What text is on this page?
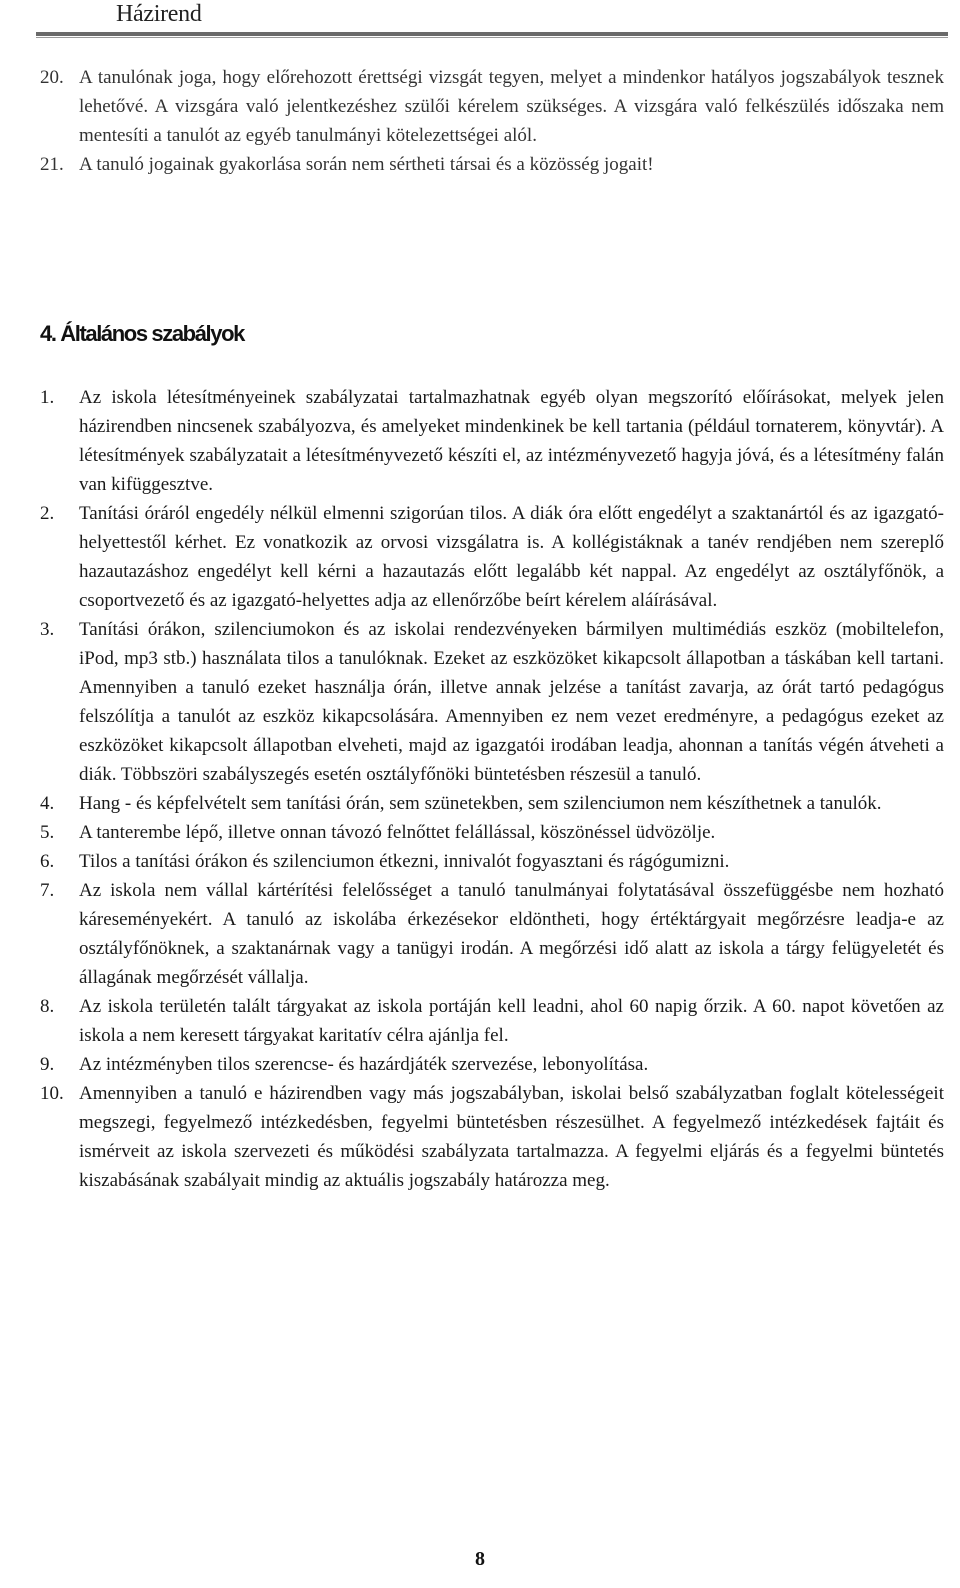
Házirend
20. A tanulónak joga, hogy előrehozott érettségi vizsgát tegyen, melyet a mindenkor hatályos jogszabályok tesznek lehetővé. A vizsgára való jelentkezéshez szülői kérelem szükséges. A vizsgára való felkészülés időszaka nem mentesíti a tanulót az egyéb tanulmányi kötelezettségei alól.
21. A tanuló jogainak gyakorlása során nem sértheti társai és a közösség jogait!
4. Általános szabályok
1. Az iskola létesítményeinek szabályzatai tartalmazhatnak egyéb olyan megszorító előírásokat, melyek jelen házirendben nincsenek szabályozva, és amelyeket mindenkinek be kell tartania (például tornaterem, könyvtár). A létesítmények szabályzatait a létesítményvezető készíti el, az intézményvezető hagyja jóvá, és a létesítmény falán van kifüggesztve.
2. Tanítási óráról engedély nélkül elmenni szigorúan tilos. A diák óra előtt engedélyt a szaktanártól és az igazgató-helyettestől kérhet. Ez vonatkozik az orvosi vizsgálatra is. A kollégistáknak a tanév rendjében nem szereplő hazautazáshoz engedélyt kell kérni a hazautazás előtt legalább két nappal. Az engedélyt az osztályfőnök, a csoportvezető és az igazgató-helyettes adja az ellenőrzőbe beírt kérelem aláírásával.
3. Tanítási órákon, szilenciumokon és az iskolai rendezvényeken bármilyen multimédiás eszköz (mobiltelefon, iPod, mp3 stb.) használata tilos a tanulóknak. Ezeket az eszközöket kikapcsolt állapotban a táskában kell tartani. Amennyiben a tanuló ezeket használja órán, illetve annak jelzése a tanítást zavarja, az órát tartó pedagógus felszólítja a tanulót az eszköz kikapcsolására. Amennyiben ez nem vezet eredményre, a pedagógus ezeket az eszközöket kikapcsolt állapotban elveheti, majd az igazgatói irodában leadja, ahonnan a tanítás végén átveheti a diák. Többszöri szabályszegés esetén osztályfőnöki büntetésben részesül a tanuló.
4. Hang - és képfelvételt sem tanítási órán, sem szünetekben, sem szilenciumon nem készíthetnek a tanulók.
5. A tanterembe lépő, illetve onnan távozó felnőttet felállással, köszönéssel üdvözölje.
6. Tilos a tanítási órákon és szilenciumon étkezni, innivalót fogyasztani és rágógumizni.
7. Az iskola nem vállal kártérítési felelősséget a tanuló tanulmányai folytatásával összefüggésbe nem hozható káreseményekért. A tanuló az iskolába érkezésekor eldöntheti, hogy értéktárgyait megőrzésre leadja-e az osztályfőnöknek, a szaktanárnak vagy a tanügyi irodán. A megőrzési idő alatt az iskola a tárgy felügyeletét és állagának megőrzését vállalja.
8. Az iskola területén talált tárgyakat az iskola portáján kell leadni, ahol 60 napig őrzik. A 60. napot követően az iskola a nem keresett tárgyakat karitatív célra ajánlja fel.
9. Az intézményben tilos szerencse- és hazárdjáték szervezése, lebonyolítása.
10. Amennyiben a tanuló e házirendben vagy más jogszabályban, iskolai belső szabályzatban foglalt kötelességeit megszegi, fegyelmező intézkedésben, fegyelmi büntetésben részesülhet. A fegyelmező intézkedések fajtáit és ismérveit az iskola szervezeti és működési szabályzata tartalmazza. A fegyelmi eljárás és a fegyelmi büntetés kiszabásának szabályait mindig az aktuális jogszabály határozza meg.
8
